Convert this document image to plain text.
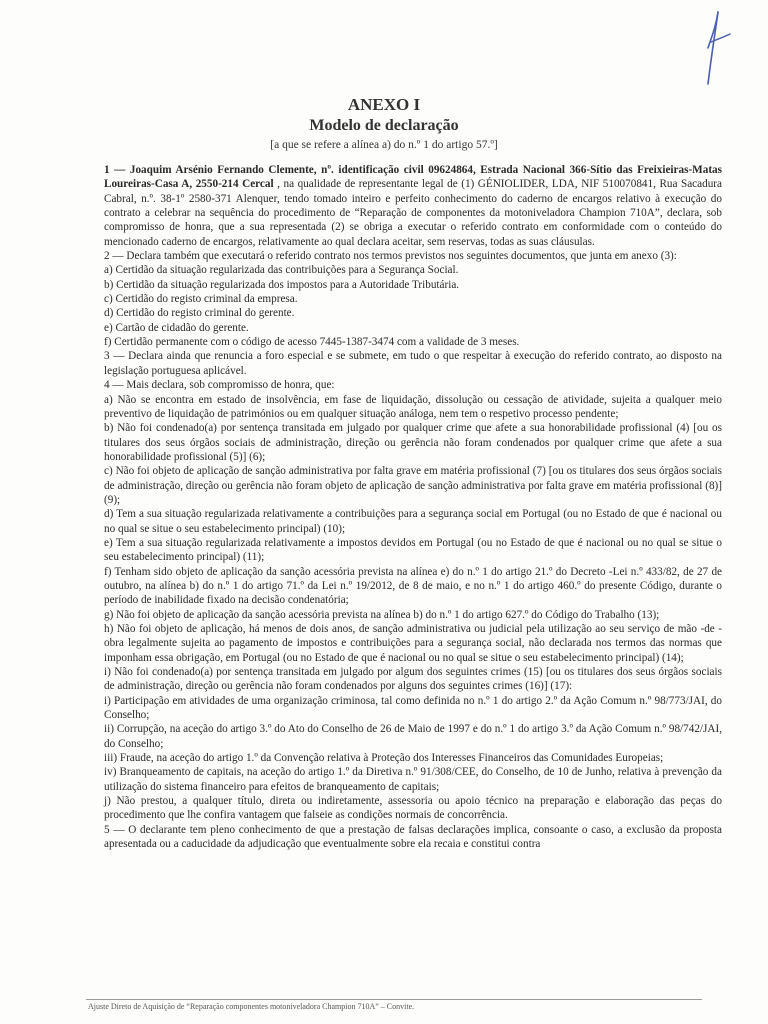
ANEXO I
Modelo de declaração
[a que se refere a alínea a) do n.º 1 do artigo 57.º]

1 — Joaquim Arsénio Fernando Clemente, nº. identificação civil 09624864, Estrada Nacional 366-Sítio das Freixieiras-Matas Loureiras-Casa A, 2550-214 Cercal , na qualidade de representante legal de (1) GÉNIOLIDER, LDA, NIF 510070841, Rua Sacadura Cabral, n.º. 38-1º 2580-371 Alenquer, tendo tomado inteiro e perfeito conhecimento do caderno de encargos relativo à execução do contrato a celebrar na sequência do procedimento de “Reparação de componentes da motoniveladora Champion 710A”, declara, sob compromisso de honra, que a sua representada (2) se obriga a executar o referido contrato em conformidade com o conteúdo do mencionado caderno de encargos, relativamente ao qual declara aceitar, sem reservas, todas as suas cláusulas.

2 — Declara também que executará o referido contrato nos termos previstos nos seguintes documentos, que junta em anexo (3):

a) Certidão da situação regularizada das contribuições para a Segurança Social.

b) Certidão da situação regularizada dos impostos para a Autoridade Tributária.

c) Certidão do registo criminal da empresa.

d) Certidão do registo criminal do gerente.

e) Cartão de cidadão do gerente.

f) Certidão permanente com o código de acesso 7445-1387-3474 com a validade de 3 meses.

3 — Declara ainda que renuncia a foro especial e se submete, em tudo o que respeitar à execução do referido contrato, ao disposto na legislação portuguesa aplicável.

4 — Mais declara, sob compromisso de honra, que:

a) Não se encontra em estado de insolvência, em fase de liquidação, dissolução ou cessação de atividade, sujeita a qualquer meio preventivo de liquidação de patrimónios ou em qualquer situação análoga, nem tem o respetivo processo pendente;

b) Não foi condenado(a) por sentença transitada em julgado por qualquer crime que afete a sua honorabilidade profissional (4) [ou os titulares dos seus órgãos sociais de administração, direção ou gerência não foram condenados por qualquer crime que afete a sua honorabilidade profissional (5)] (6);

c) Não foi objeto de aplicação de sanção administrativa por falta grave em matéria profissional (7) [ou os titulares dos seus órgãos sociais de administração, direção ou gerência não foram objeto de aplicação de sanção administrativa por falta grave em matéria profissional (8)] (9);

d) Tem a sua situação regularizada relativamente a contribuições para a segurança social em Portugal (ou no Estado de que é nacional ou no qual se situe o seu estabelecimento principal) (10);

e) Tem a sua situação regularizada relativamente a impostos devidos em Portugal (ou no Estado de que é nacional ou no qual se situe o seu estabelecimento principal) (11);

f) Tenham sido objeto de aplicação da sanção acessória prevista na alínea e) do n.º 1 do artigo 21.º do Decreto -Lei n.º 433/82, de 27 de outubro, na alínea b) do n.º 1 do artigo 71.º da Lei n.º 19/2012, de 8 de maio, e no n.º 1 do artigo 460.º do presente Código, durante o período de inabilidade fixado na decisão condenatória;

g) Não foi objeto de aplicação da sanção acessória prevista na alínea b) do n.º 1 do artigo 627.º do Código do Trabalho (13);

h) Não foi objeto de aplicação, há menos de dois anos, de sanção administrativa ou judicial pela utilização ao seu serviço de mão -de -obra legalmente sujeita ao pagamento de impostos e contribuições para a segurança social, não declarada nos termos das normas que imponham essa obrigação, em Portugal (ou no Estado de que é nacional ou no qual se situe o seu estabelecimento principal) (14);

i) Não foi condenado(a) por sentença transitada em julgado por algum dos seguintes crimes (15) [ou os titulares dos seus órgãos sociais de administração, direção ou gerência não foram condenados por alguns dos seguintes crimes (16)] (17):

i) Participação em atividades de uma organização criminosa, tal como definida no n.º 1 do artigo 2.º da Ação Comum n.º 98/773/JAI, do Conselho;

ii) Corrupção, na aceção do artigo 3.º do Ato do Conselho de 26 de Maio de 1997 e do n.º 1 do artigo 3.º da Ação Comum n.º 98/742/JAI, do Conselho;

iii) Fraude, na aceção do artigo 1.º da Convenção relativa à Proteção dos Interesses Financeiros das Comunidades Europeias;

iv) Branqueamento de capitais, na aceção do artigo 1.º da Diretiva n.º 91/308/CEE, do Conselho, de 10 de Junho, relativa à prevenção da utilização do sistema financeiro para efeitos de branqueamento de capitais;

j) Não prestou, a qualquer título, direta ou indiretamente, assessoria ou apoio técnico na preparação e elaboração das peças do procedimento que lhe confira vantagem que falseie as condições normais de concorrência.

5 — O declarante tem pleno conhecimento de que a prestação de falsas declarações implica, consoante o caso, a exclusão da proposta apresentada ou a caducidade da adjudicação que eventualmente sobre ela recaia e constitui contra

Ajuste Direto de Aquisição de “Reparação componentes motoniveladora Champion 710A” – Convite.
